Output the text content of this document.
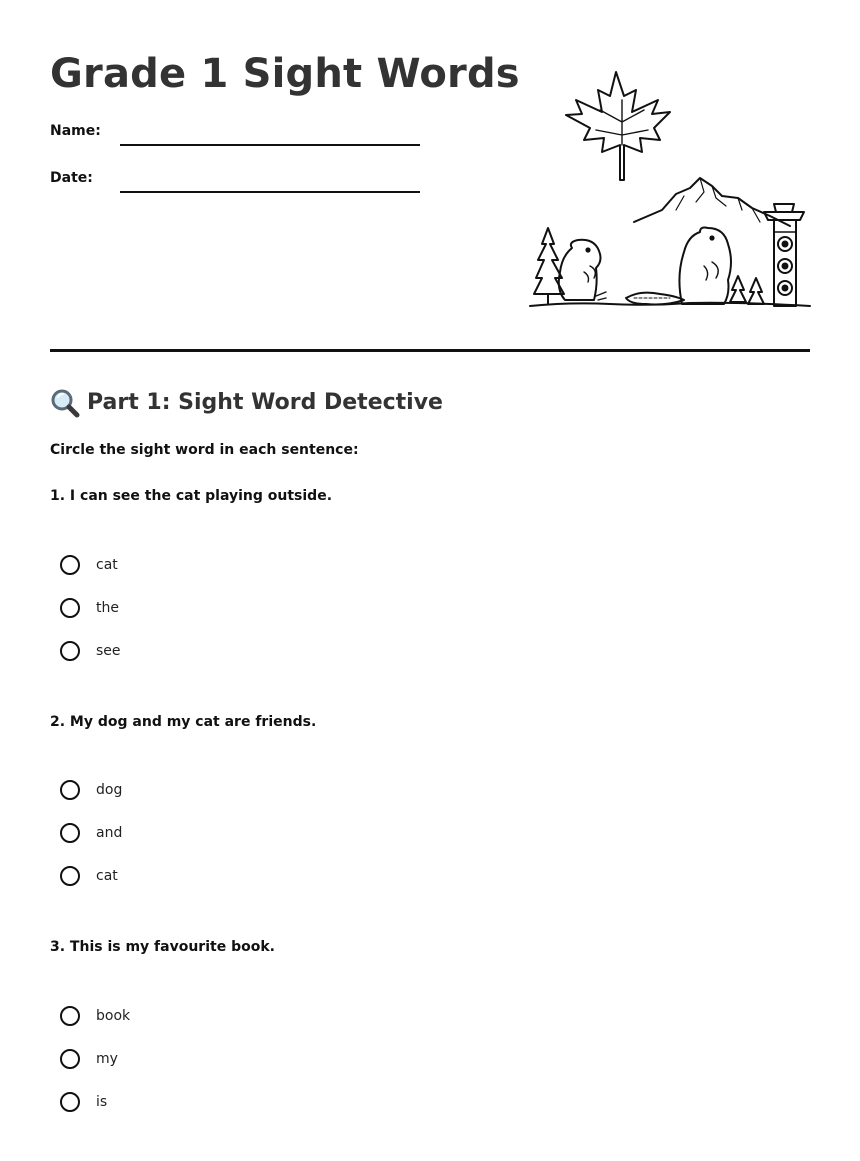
Grade 1 Sight Words
Name:
Date:
Part 1: Sight Word Detective
Circle the sight word in each sentence:

1. I can see the cat playing outside.

cat
the
see

2. My dog and my cat are friends.

dog
and
cat

3. This is my favourite book.

book
my
is
